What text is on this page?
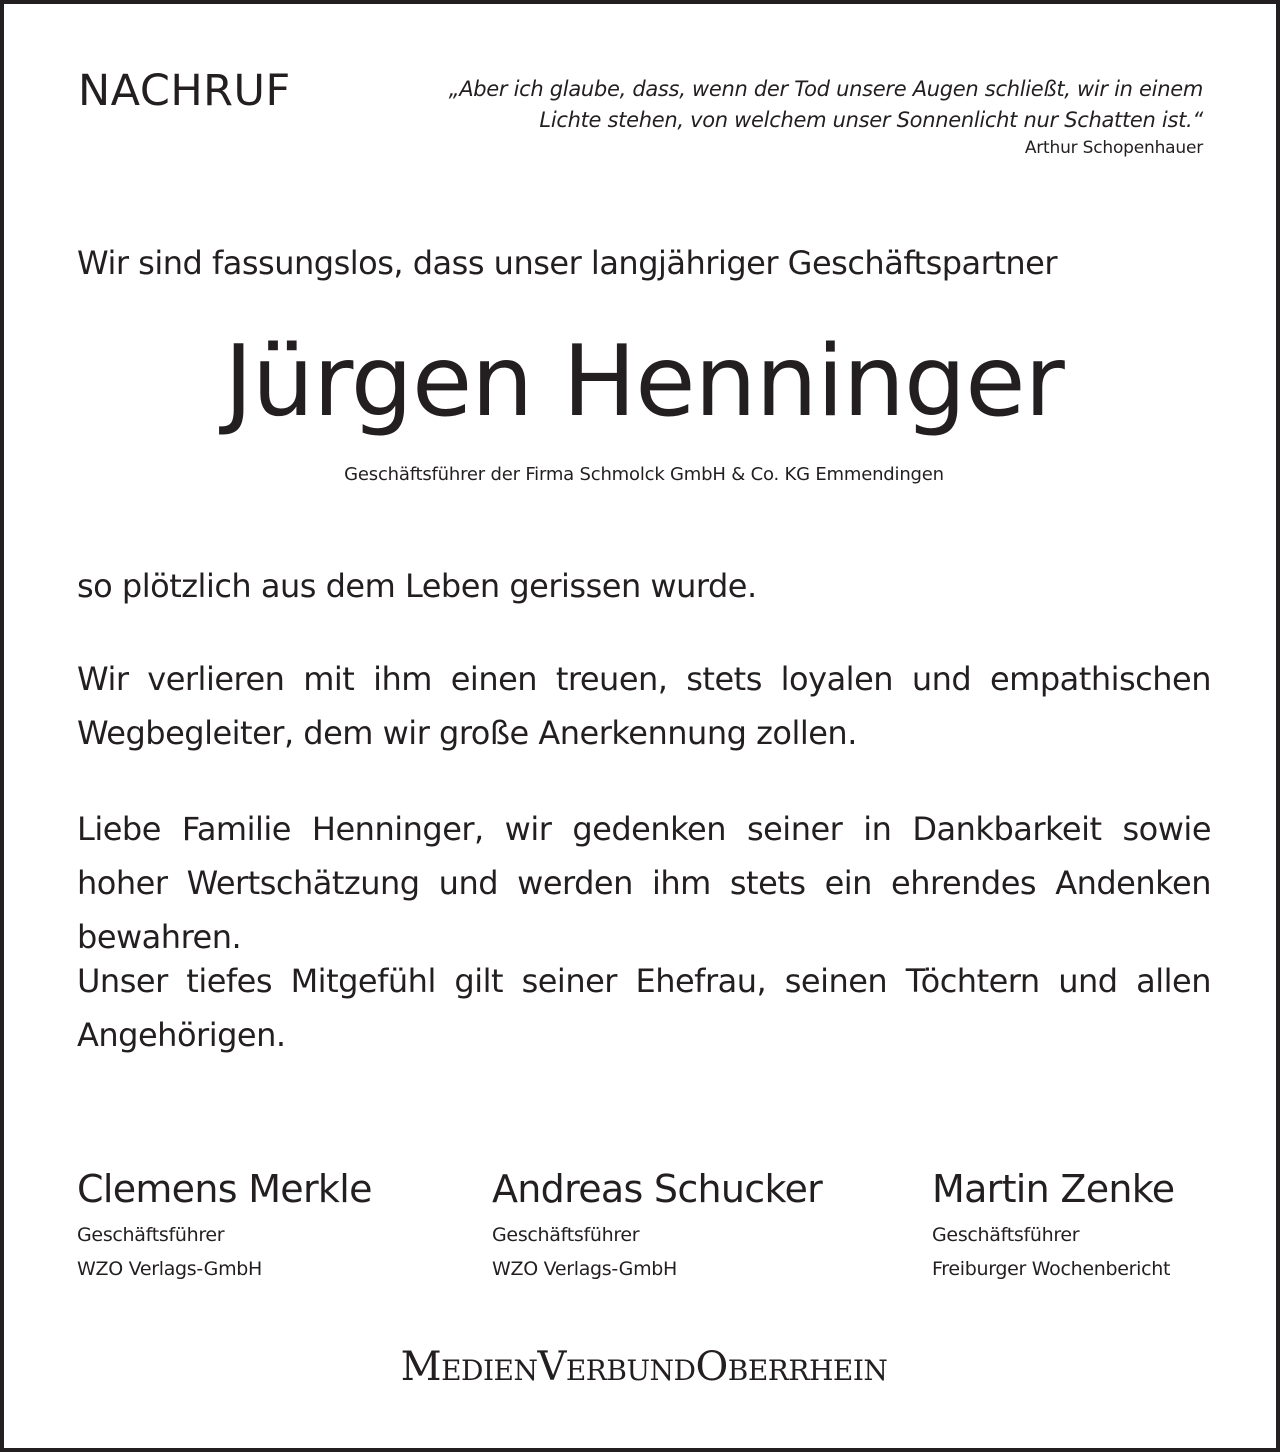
NACHRUF	„Aber ich glaube, dass, wenn der Tod unsere Augen schließt, wir in einem
Lichte stehen, von welchem unser Sonnenlicht nur Schatten ist.“
Arthur Schopenhauer
Wir sind fassungslos, dass unser langjähriger Geschäftspartner
Jürgen Henninger
Geschäftsführer der Firma Schmolck GmbH & Co. KG Emmendingen
so plötzlich aus dem Leben gerissen wurde.
Wir verlieren mit ihm einen treuen, stets loyalen und empathischen Wegbegleiter, dem wir große Anerkennung zollen.
Liebe Familie Henninger, wir gedenken seiner in Dankbarkeit sowie hoher Wertschätzung und werden ihm stets ein ehrendes Andenken bewahren.
Unser tiefes Mitgefühl gilt seiner Ehefrau, seinen Töchtern und allen Angehörigen.
Clemens Merkle
Geschäftsführer
WZO Verlags-GmbH
Andreas Schucker
Geschäftsführer
WZO Verlags-GmbH
Martin Zenke
Geschäftsführer
Freiburger Wochenbericht
MedienVerbundOberrhein
